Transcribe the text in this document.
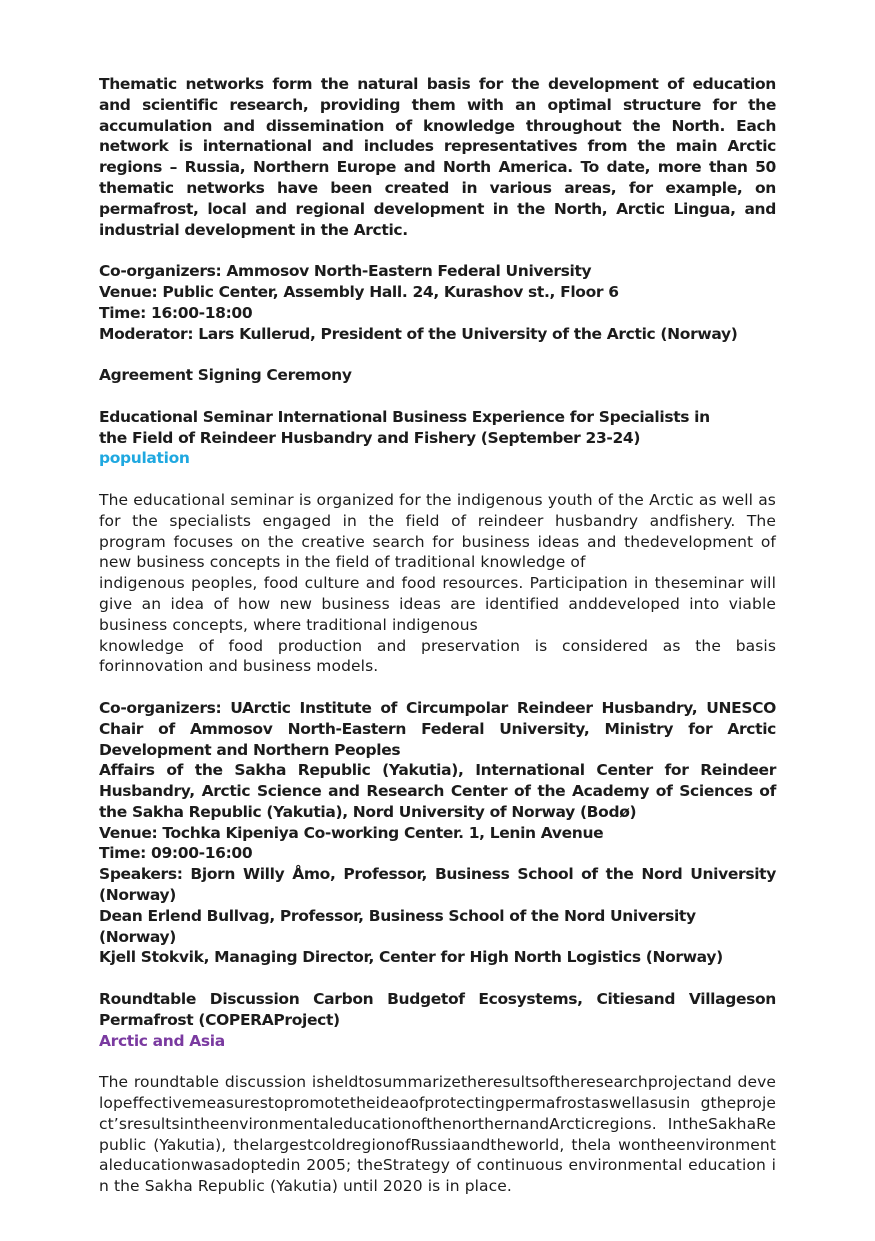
Thematic networks form the natural basis for the development of education and scientific research, providing them with an optimal structure for the accumulation and dissemination of knowledge throughout the North. Each network is international and includes representatives from the main Arctic regions – Russia, Northern Europe and North America. To date, more than 50 thematic networks have been created in various areas, for example, on permafrost, local and regional development in the North, Arctic Lingua, and industrial development in the Arctic.

Co-organizers: Ammosov North-Eastern Federal University

Venue: Public Center, Assembly Hall. 24, Kurashov st., Floor 6

Time: 16:00-18:00

Moderator: Lars Kullerud, President of the University of the Arctic (Norway)

Agreement Signing Ceremony

Educational Seminar International Business Experience for Specialists in

the Field of Reindeer Husbandry and Fishery (September 23-24)

population

The educational seminar is organized for the indigenous youth of the Arctic as well as for the specialists engaged in the field of reindeer husbandry andfishery. The program focuses on the creative search for business ideas and thedevelopment of new business concepts in the field of traditional knowledge of

indigenous peoples, food culture and food resources. Participation in theseminar will give an idea of how new business ideas are identified anddeveloped into viable business concepts, where traditional indigenous

knowledge of food production and preservation is considered as the basis forinnovation and business models.

Co-organizers: UArctic Institute of Circumpolar Reindeer Husbandry, UNESCO Chair of Ammosov North-Eastern Federal University, Ministry for Arctic Development and Northern Peoples

Affairs of the Sakha Republic (Yakutia), International Center for Reindeer Husbandry, Arctic Science and Research Center of the Academy of Sciences of the Sakha Republic (Yakutia), Nord University of Norway (Bodø)

Venue: Tochka Kipeniya Co-working Center. 1, Lenin Avenue

Time: 09:00-16:00

Speakers: Bjorn Willy Åmo, Professor, Business School of the Nord University (Norway)

Dean Erlend Bullvag, Professor, Business School of the Nord University (Norway)

Kjell Stokvik, Managing Director, Center for High North Logistics (Norway)

Roundtable Discussion Carbon Budgetof Ecosystems, Citiesand Villageson Permafrost (COPERAProject)

Arctic and Asia

The roundtable discussion isheldtosummarizetheresultsoftheresearchprojectand developeffectivemeasurestopromotetheideaofprotectingpermafrostaswellasusin gtheproject’sresultsintheenvironmentaleducationofthenorthernandArcticregions. IntheSakhaRepublic (Yakutia), thelargestcoldregionofRussiaandtheworld, thela wontheenvironmentaleducationwasadoptedin 2005; theStrategy of continuous environmental education in the Sakha Republic (Yakutia) until 2020 is in place.
